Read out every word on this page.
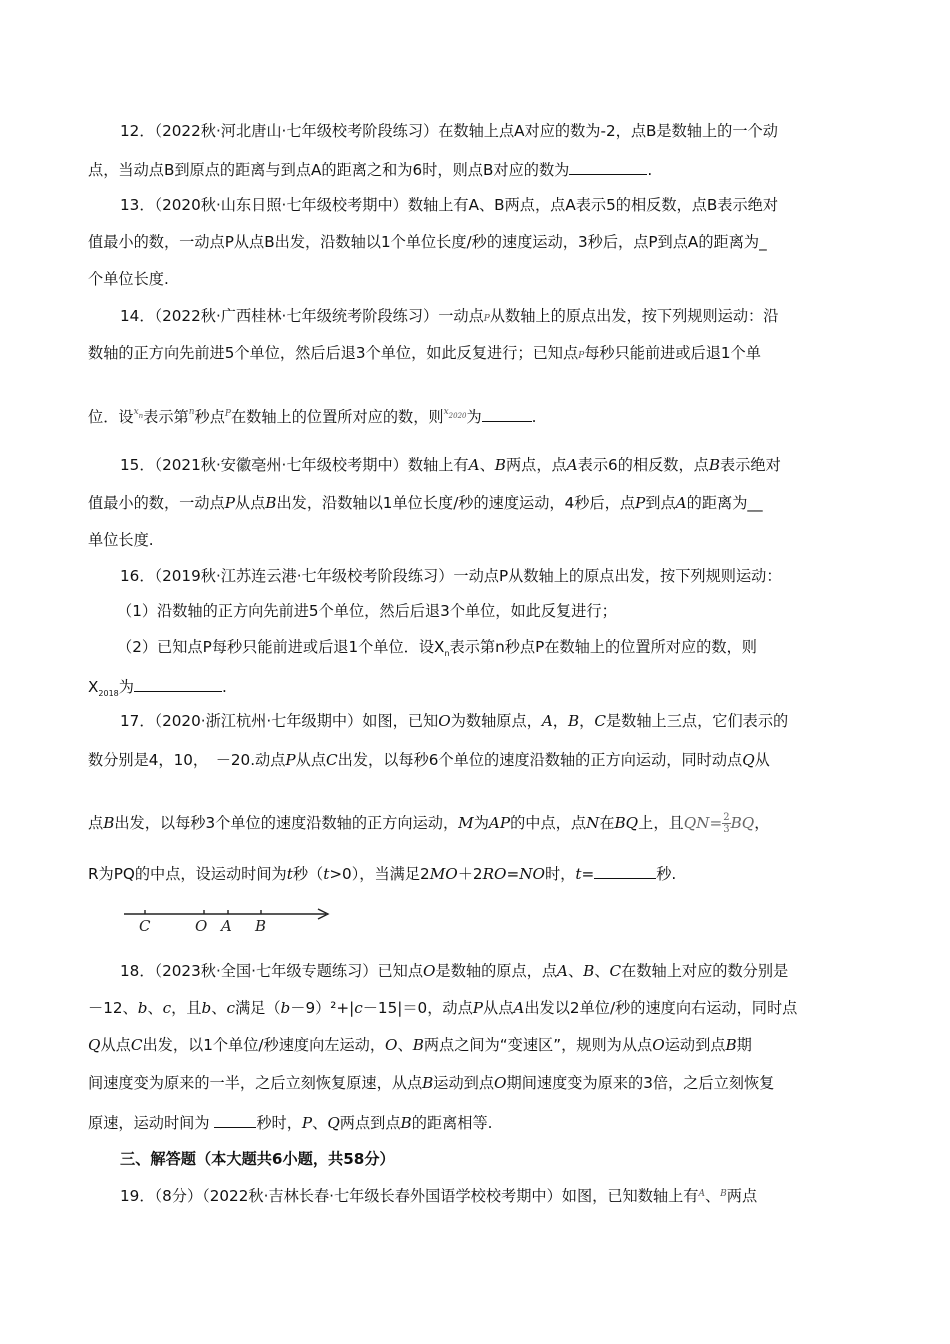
12．（2022秋·河北唐山·七年级校考阶段练习）在数轴上点A对应的数为-2，点B是数轴上的一个动
点，当动点B到原点的距离与到点A的距离之和为6时，则点B对应的数为	.
13．（2020秋·山东日照·七年级校考期中）数轴上有A、B两点，点A表示5的相反数，点B表示绝对
值最小的数，一动点P从点B出发，沿数轴以1个单位长度/秒的速度运动，3秒后，点P到点A的距离为_
个单位长度.
14．（2022秋·广西桂林·七年级统考阶段练习）一动点P从数轴上的原点出发，按下列规则运动：沿
数轴的正方向先前进5个单位，然后后退3个单位，如此反复进行；已知点P每秒只能前进或后退1个单
位．设$^{xn}$表示第$^n$秒点$^P$在数轴上的位置所对应的数，则$^{x2020}$为	.
15．（2021秋·安徽亳州·七年级校考期中）数轴上有A、B两点，点A表示6的相反数，点B表示绝对
值最小的数，一动点P从点B出发，沿数轴以1单位长度/秒的速度运动，4秒后，点P到点A的距离为__
单位长度.
16．（2019秋·江苏连云港·七年级校考阶段练习）一动点P从数轴上的原点出发，按下列规则运动：
（1）沿数轴的正方向先前进5个单位，然后后退3个单位，如此反复进行；
（2）已知点P每秒只能前进或后退1个单位．设$X_n$表示第n秒点P在数轴上的位置所对应的数，则
$X_{2018}$为	.
17．（2020·浙江杭州·七年级期中）如图，已知O为数轴原点，A，B，C是数轴上三点，它们表示的
数分别是4，10，　－20.动点P从点C出发，以每秒6个单位的速度沿数轴的正方向运动，同时动点Q从
点B出发，以每秒3个单位的速度沿数轴的正方向运动，M为AP的中点，点N在BQ上，且$QN= \frac{2}{3}$ BQ，
R为PQ的中点，设运动时间为t秒（t>0），当满足2MO＋2RO=NO时，t=	秒.
C	O A B
18．（2023秋·全国·七年级专题练习）已知点O是数轴的原点，点A、B、C在数轴上对应的数分别是
－12、b、c，且b、c满足（b－9）²+|c－15|＝0，动点P从点A出发以2单位/秒的速度向右运动，同时点
Q从点C出发，以1个单位/秒速度向左运动，O、B两点之间为“变速区”，规则为从点O运动到点B期
间速度变为原来的一半，之后立刻恢复原速，从点B运动到点O期间速度变为原来的3倍，之后立刻恢复
原速，运动时间为	秒时，P、Q两点到点B的距离相等.
三、解答题（本大题共6小题，共58分）
19．（8分）（2022秋·吉林长春·七年级长春外国语学校校考期中）如图，已知数轴上有$^A$、$^B$两点
